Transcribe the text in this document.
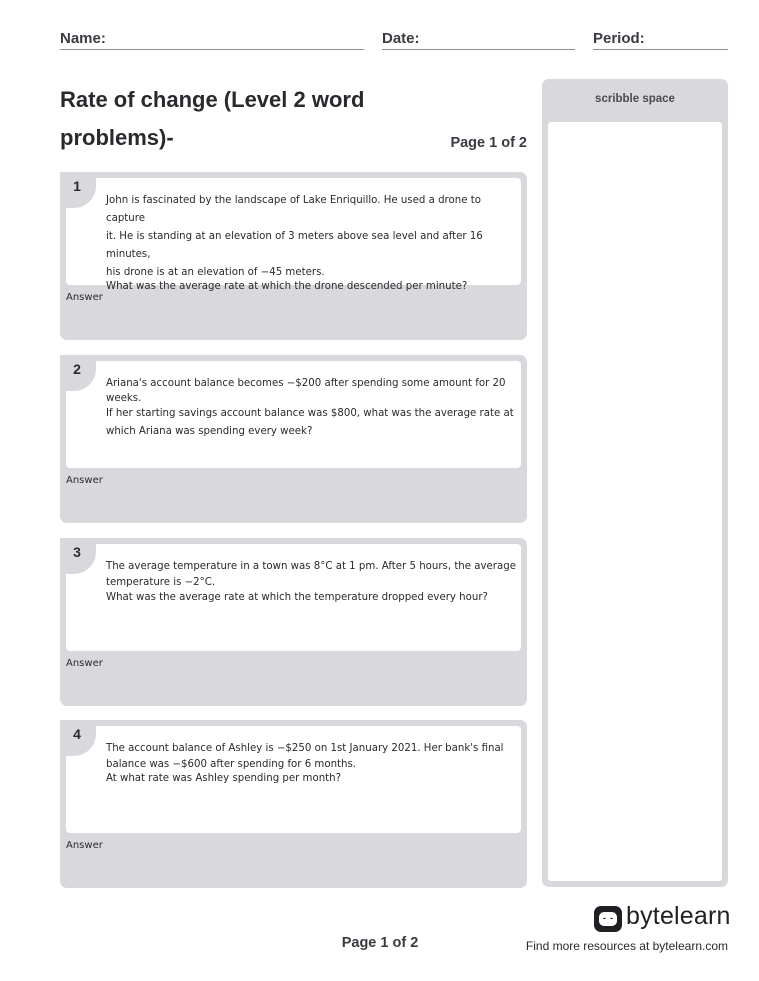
Name:	Date:	Period:
Rate of change (Level 2 word problems)-	Page 1 of 2

John is fascinated by the landscape of Lake Enriquillo. He used a drone to capture

it. He is standing at an elevation of 3 meters above sea level and after 16 minutes,

his drone is at an elevation of −45 meters.

What was the average rate at which the drone descended per minute?

1
Answer

Ariana's account balance becomes −$200 after spending some amount for 20

weeks.

If her starting savings account balance was $800, what was the average rate at

which Ariana was spending every week?

2
Answer

The average temperature in a town was 8°C at 1 pm. After 5 hours, the average

temperature is −2°C.

What was the average rate at which the temperature dropped every hour?

3
Answer

The account balance of Ashley is −$250 on 1st January 2021. Her bank's final

balance was −$600 after spending for 6 months.

At what rate was Ashley spending per month?

4
Answer
scribble space
Page 1 of 2
bytelearn
Find more resources at bytelearn.com
